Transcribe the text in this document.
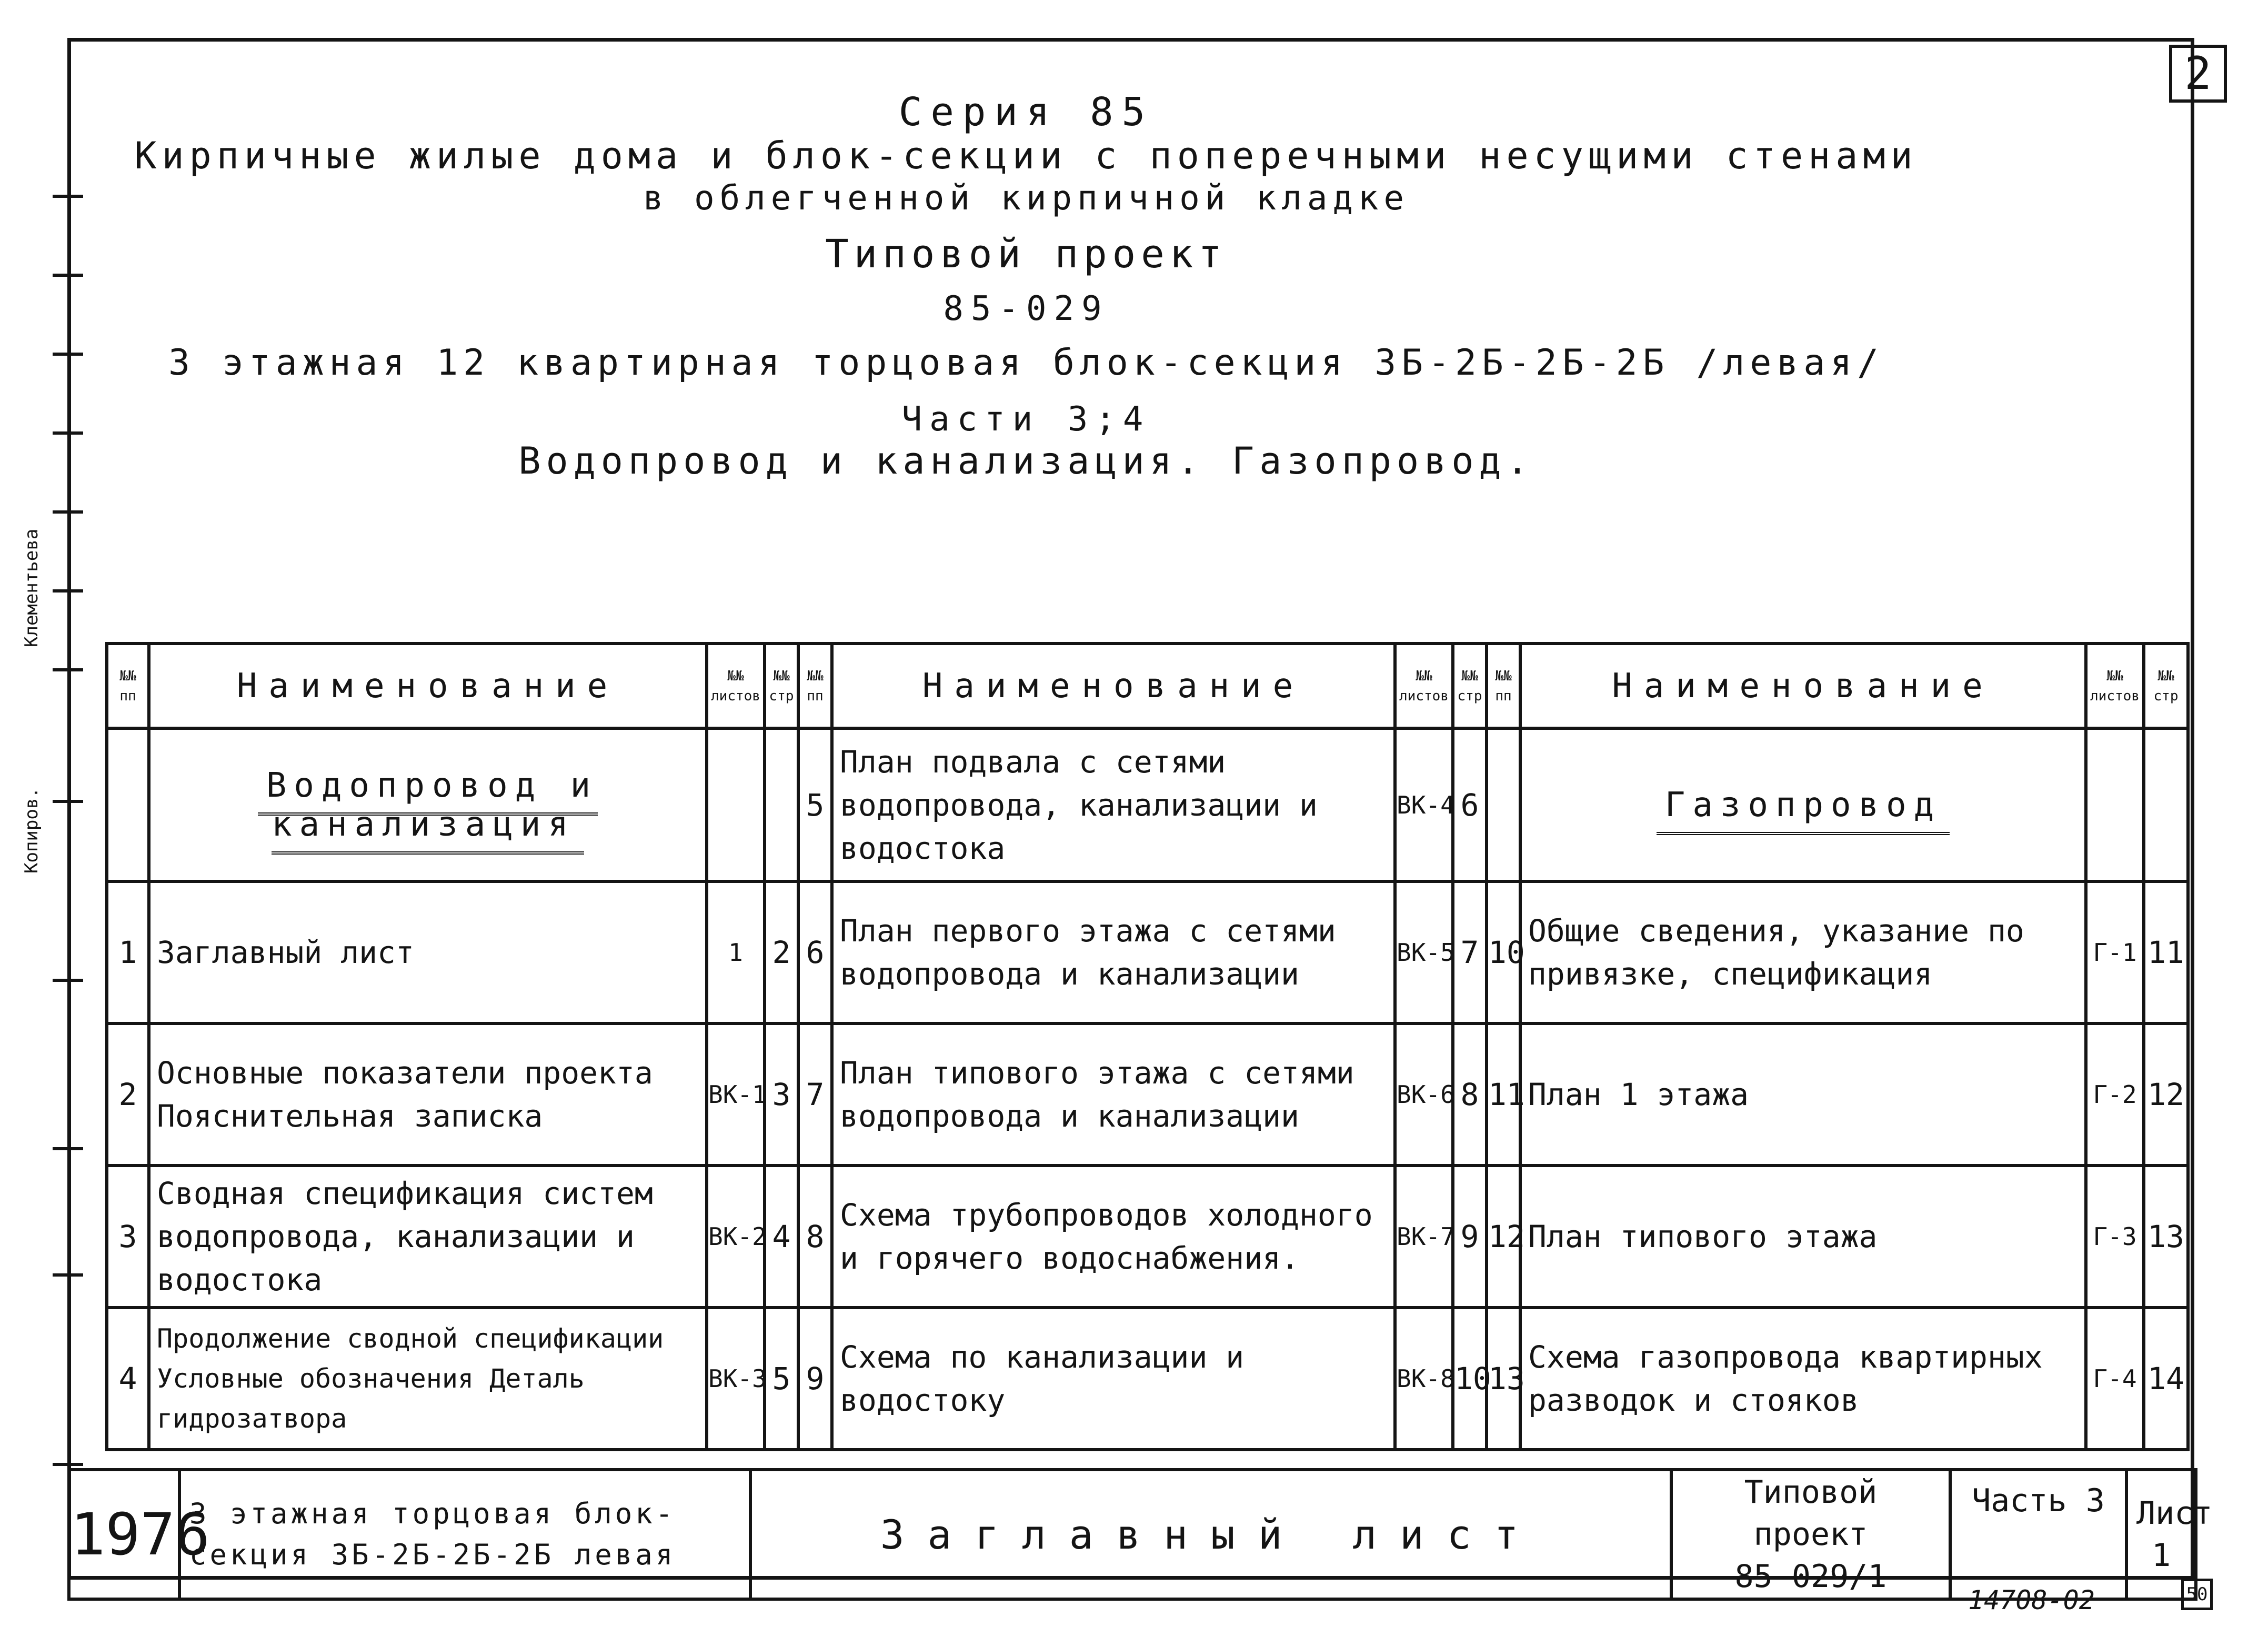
Копиров.
Клементьева
2
Серия 85
Кирпичные жилые дома и блок-секции с поперечными несущими стенами
в облегченной кирпичной кладке
Типовой проект
85-029
3 этажная 12 квартирная торцовая блок-секция 3Б-2Б-2Б-2Б /левая/
Части 3;4
Водопровод и канализация. Газопровод.
№№ пп	Наименование	№№ листов	№№ стр	№№ пп	Наименование	№№ листов	№№ стр	№№ пп	Наименование	№№ листов	№№ стр
	Водопровод и канализация			5	План подвала с сетями водопровода, канализации и водостока	ВК-4	6		Газопровод		
1	Заглавный лист	1	2	6	План первого этажа с сетями водопровода и канализации	ВК-5	7	10	Общие сведения, указание по привязке, спецификация	Г-1	11
2	Основные показатели проекта Пояснительная записка	ВК-1	3	7	План типового этажа с сетями водопровода и канализации	ВК-6	8	11	План 1 этажа	Г-2	12
3	Сводная спецификация систем водопровода, канализации и водостока	ВК-2	4	8	Схема трубопроводов холодного и горячего водоснабжения.	ВК-7	9	12	План типового этажа	Г-3	13
4	Продолжение сводной спецификации Условные обозначения Деталь гидрозатвора	ВК-3	5	9	Схема по канализации и водостоку	ВК-8	10	13	Схема газопровода квартирных разводок и стояков	Г-4	14
1976	3 этажная торцовая блок-секция 3Б-2Б-2Б-2Б левая	Заглавный лист	
Типовой проект
85-029/1
	Часть 3	Лист
1
14708-02	50
